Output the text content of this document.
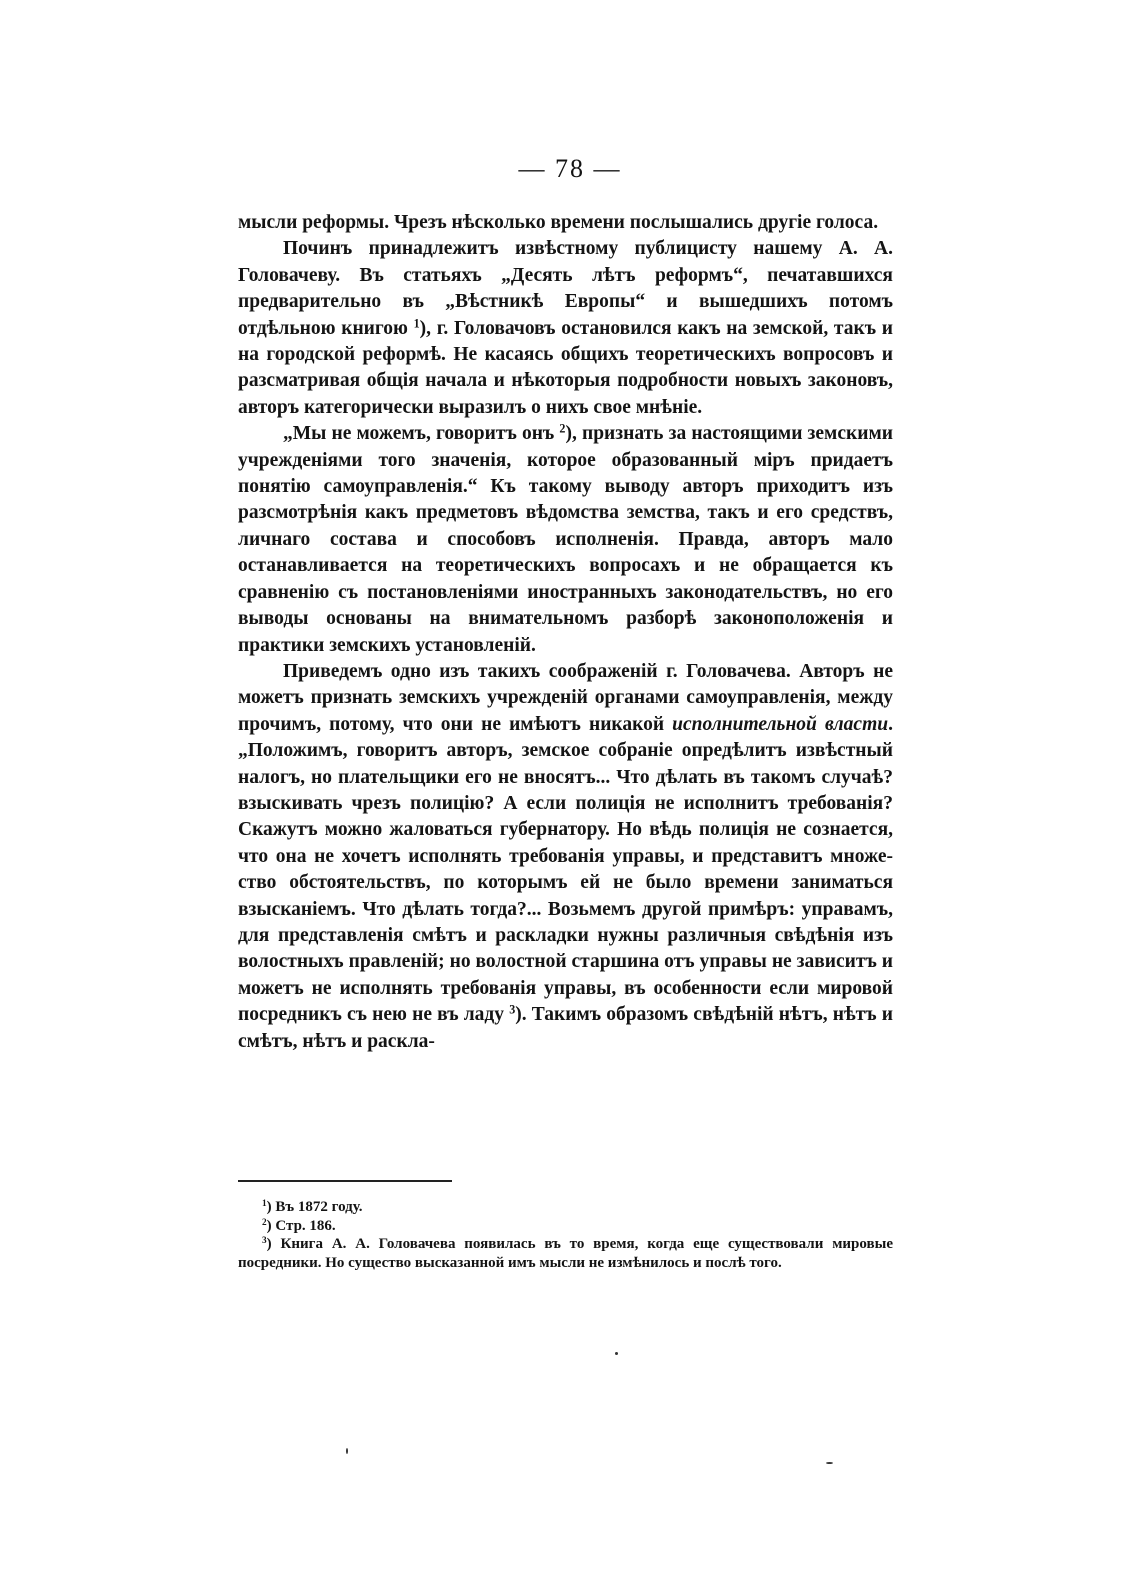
— 78 —

мысли реформы. Чрезъ нѣсколько времени послышались другіе голоса.

Починъ принадлежитъ извѣстному публицисту нашему А. А. Головачеву. Въ статьяхъ „Десять лѣтъ реформъ“, печатавшихся предварительно въ „Вѣстникѣ Европы“ и вышедшихъ потомъ отдѣльною книгою $^1$), г. Головачовъ остановился какъ на земской, такъ и на городской реформѣ. Не касаясь общихъ теоретическихъ вопросовъ и разсматривая общія начала и нѣкоторыя подробности новыхъ законовъ, авторъ категорически выразилъ о нихъ свое мнѣніе.

„Мы не можемъ, говоритъ онъ $^2$), признать за настоящими земскими учрежденіями того значенія, которое образованный міръ придаетъ понятію самоуправленія.“ Къ такому выводу авторъ приходитъ изъ разсмотрѣнія какъ предметовъ вѣдомства земства, такъ и его средствъ, личнаго состава и способовъ исполненія. Правда, авторъ мало останавливается на теоретическихъ вопросахъ и не обращается къ сравненію съ постановленіями иностранныхъ законодательствъ, но его выводы основаны на внимательномъ разборѣ законоположенія и практики земскихъ установленій.

Приведемъ одно изъ такихъ соображеній г. Головачева. Авторъ не можетъ признать земскихъ учрежденій органами самоуправленія, между прочимъ, потому, что они не имѣютъ никакой исполнительной власти. „Положимъ, говоритъ авторъ, земское собраніе опредѣлитъ извѣстный налогъ, но плательщики его не вносятъ... Что дѣлать въ такомъ случаѣ? взыскивать чрезъ полицію? А если полиція не исполнитъ требованія? Скажутъ можно жаловаться губернатору. Но вѣдь полиція не сознается, что она не хочетъ исполнять требованія управы, и представитъ множество обстоятельствъ, по которымъ ей не было времени заниматься взысканіемъ. Что дѣлать тогда?... Возьмемъ другой примѣръ: управамъ, для представленія смѣтъ и раскладки нужны различныя свѣдѣнія изъ волостныхъ правленій; но волостной старшина отъ управы не зависитъ и можетъ не исполнять требованія управы, въ особенности если мировой посредникъ съ нею не въ ладу $^3$). Такимъ образомъ свѣдѣній нѣтъ, нѣтъ и смѣтъ, нѣтъ и раскла-

$^1$) Въ 1872 году.

$^2$) Стр. 186.

$^3$) Книга А. А. Головачева появилась въ то время, когда еще существовали мировые посредники. Но существо высказанной имъ мысли не измѣнилось и послѣ того.
